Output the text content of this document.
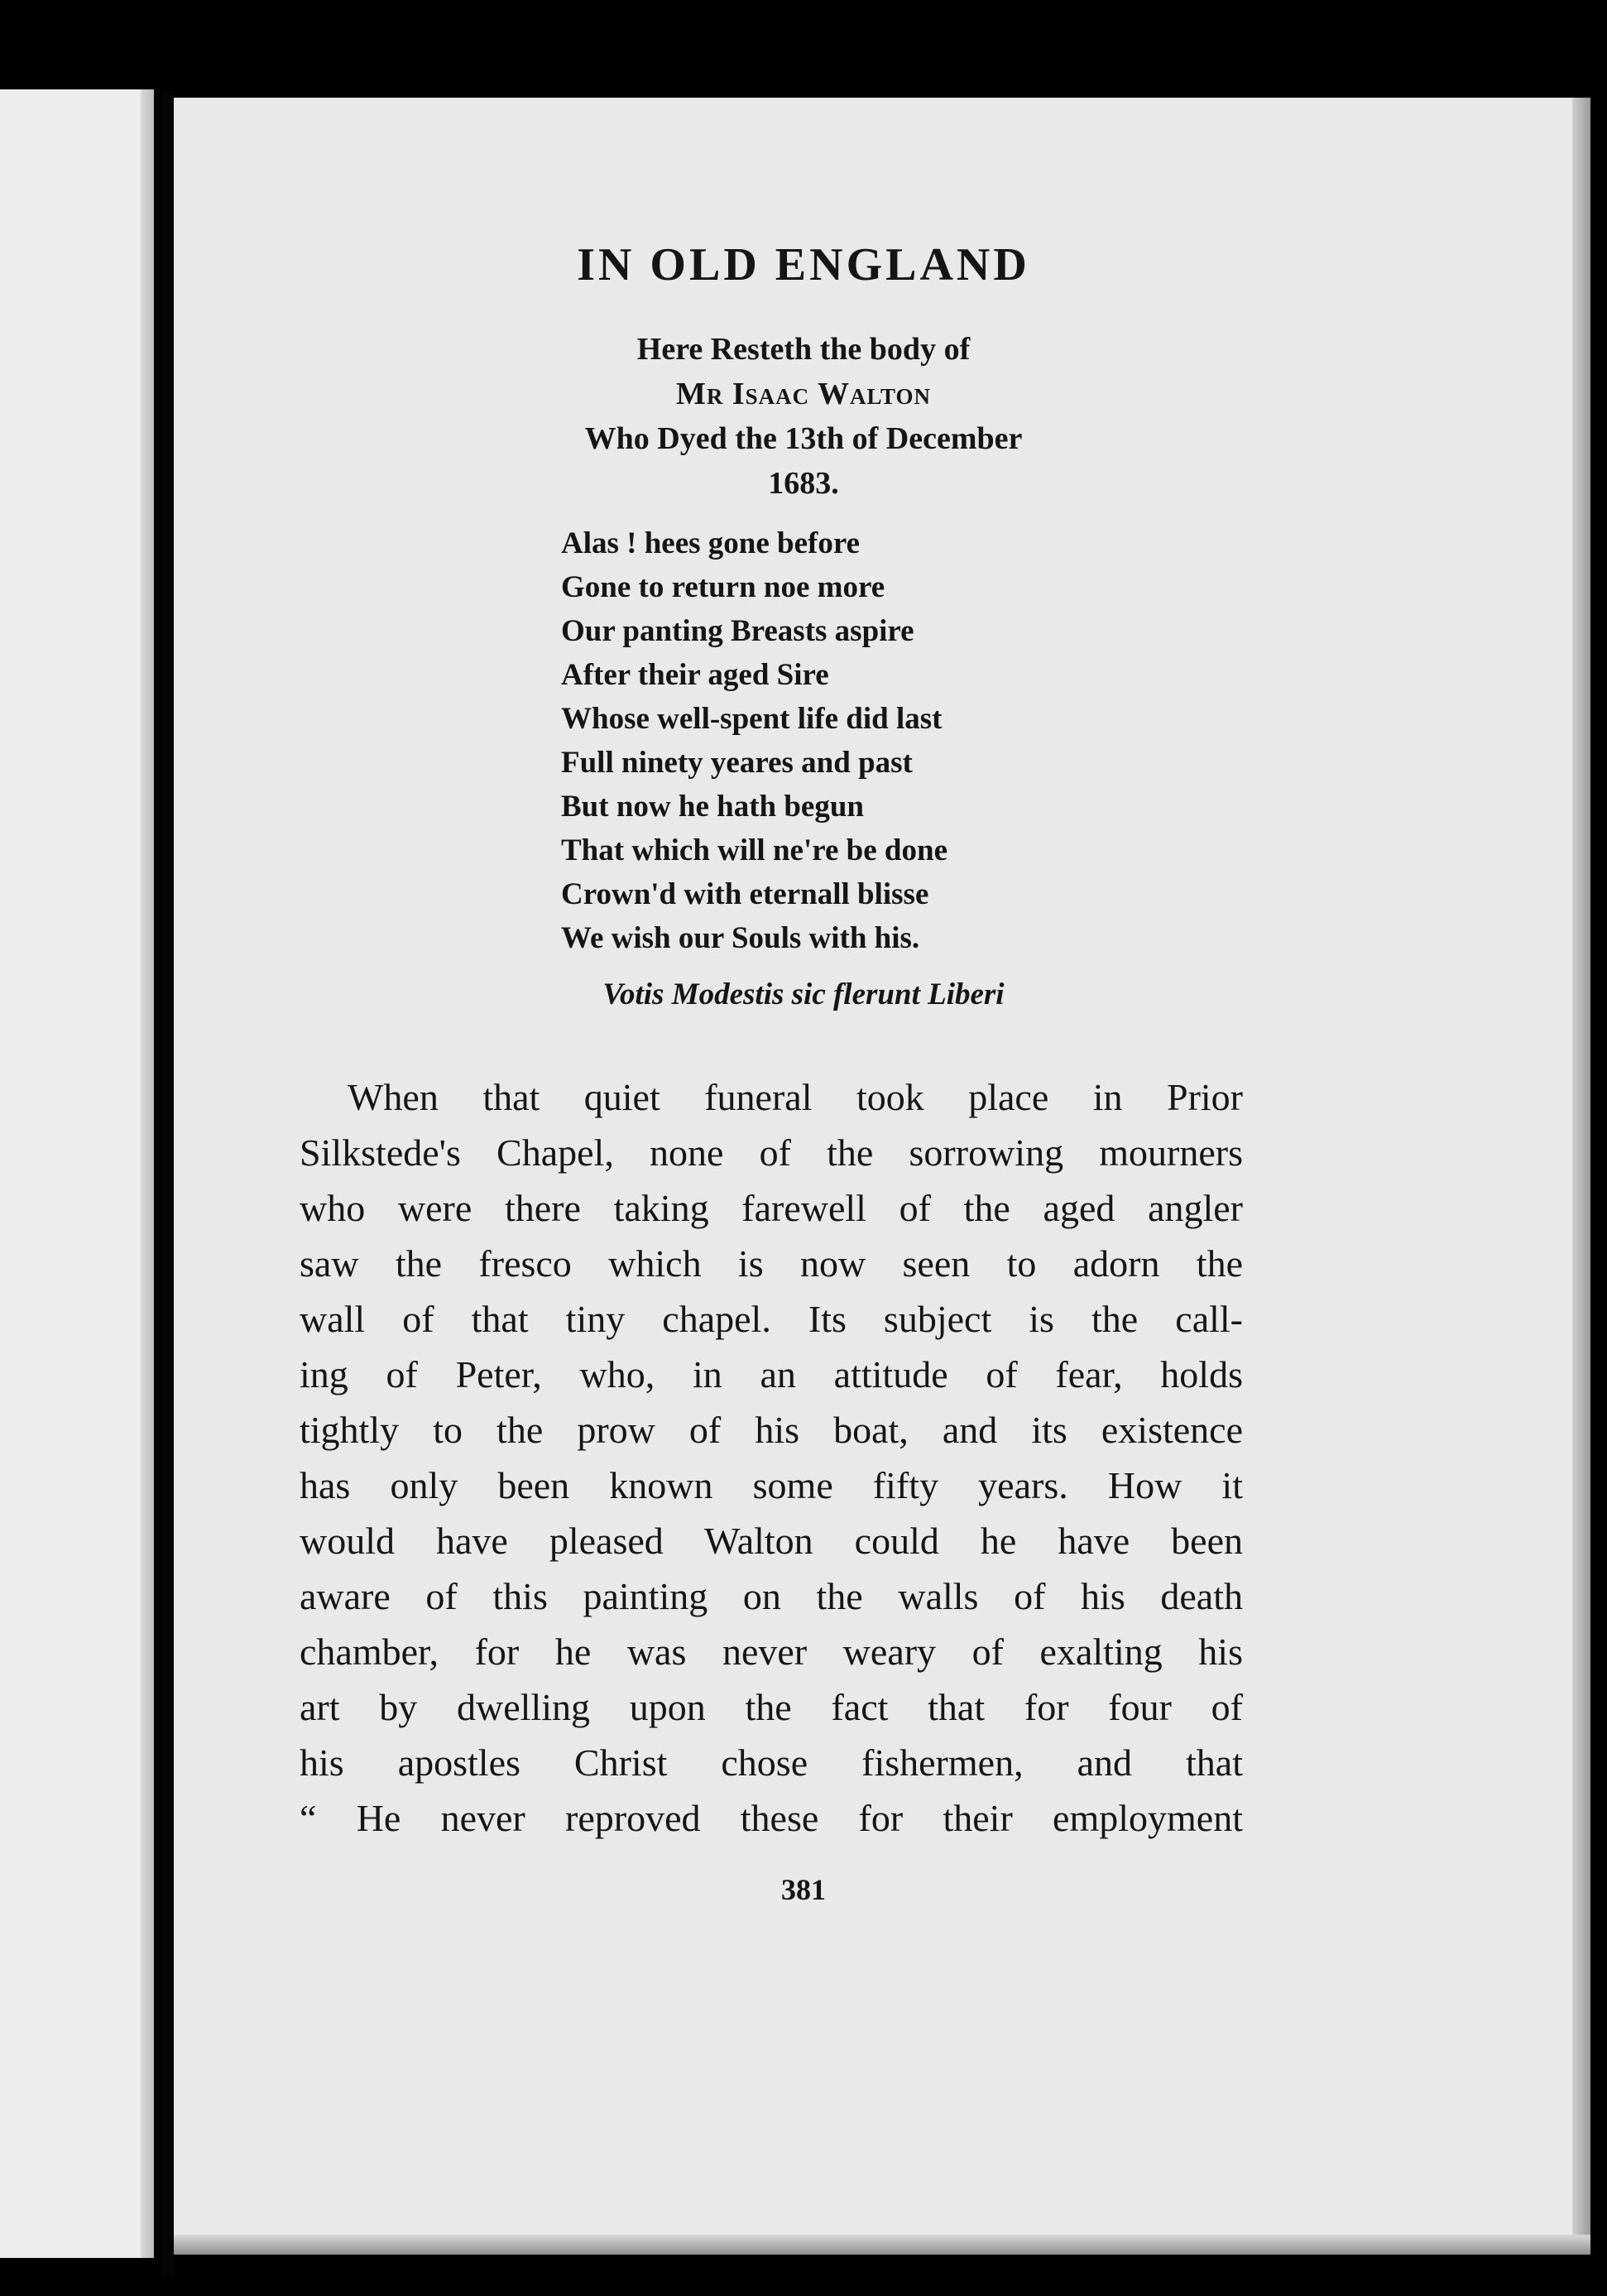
IN OLD ENGLAND
Here Resteth the body of
Mr Isaac Walton
Who Dyed the 13th of December
1683.
Alas ! hees gone before
Gone to return noe more
Our panting Breasts aspire
After their aged Sire
Whose well-spent life did last
Full ninety yeares and past
But now he hath begun
That which will ne're be done
Crown'd with eternall blisse
We wish our Souls with his.
Votis Modestis sic flerunt Liberi
When that quiet funeral took place in Prior
Silkstede's Chapel, none of the sorrowing mourners
who were there taking farewell of the aged angler
saw the fresco which is now seen to adorn the
wall of that tiny chapel. Its subject is the call-
ing of Peter, who, in an attitude of fear, holds
tightly to the prow of his boat, and its existence
has only been known some fifty years. How it
would have pleased Walton could he have been
aware of this painting on the walls of his death
chamber, for he was never weary of exalting his
art by dwelling upon the fact that for four of
his apostles Christ chose fishermen, and that
“ He never reproved these for their employment
381
